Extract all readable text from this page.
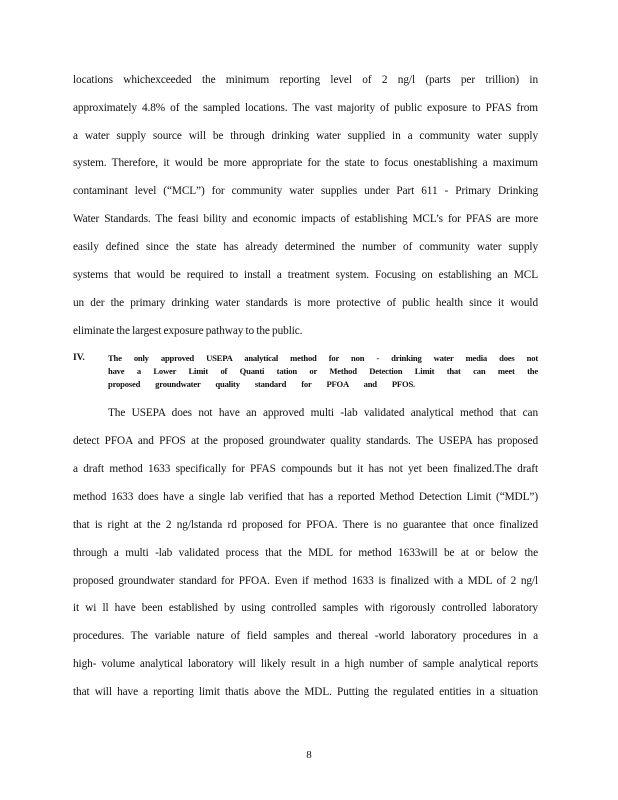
locations whichexceeded the minimum reporting level of 2 ng/l (parts per trillion) in
approximately 4.8% of the sampled locations. The vast majority of public exposure to PFAS from
a water supply source will be through drinking water supplied in a community water supply
system. Therefore, it would be more appropriate for the state to focus onestablishing a maximum
contaminant level (“MCL”) for community water supplies under Part 611 - Primary Drinking
Water Standards. The feasi bility and economic impacts of establishing MCL’s for PFAS are more
easily defined since the state has already determined the number of community water supply
systems that would be required to install a treatment system. Focusing on establishing an MCL
un der the primary drinking water standards is more protective of public health since it would
eliminate the largest exposure pathway to the public.
IV.	The only approved USEPA analytical method for non - drinking water media does not
have a Lower Limit of Quanti tation or Method Detection Limit that can meet the
proposed groundwater quality standard for PFOA and PFOS.
The USEPA does not have an approved multi -lab validated analytical method that can
detect PFOA and PFOS at the proposed groundwater quality standards. The USEPA has proposed
a draft method 1633 specifically for PFAS compounds but it has not yet been finalized.The draft
method 1633 does have a single lab verified that has a reported Method Detection Limit (“MDL”)
that is right at the 2 ng/lstanda rd proposed for PFOA. There is no guarantee that once finalized
through a multi -lab validated process that the MDL for method 1633will be at or below the
proposed groundwater standard for PFOA. Even if method 1633 is finalized with a MDL of 2 ng/l
it wi ll have been established by using controlled samples with rigorously controlled laboratory
procedures. The variable nature of field samples and thereal -world laboratory procedures in a
high- volume analytical laboratory will likely result in a high number of sample analytical reports
that will have a reporting limit thatis above the MDL. Putting the regulated entities in a situation
8
